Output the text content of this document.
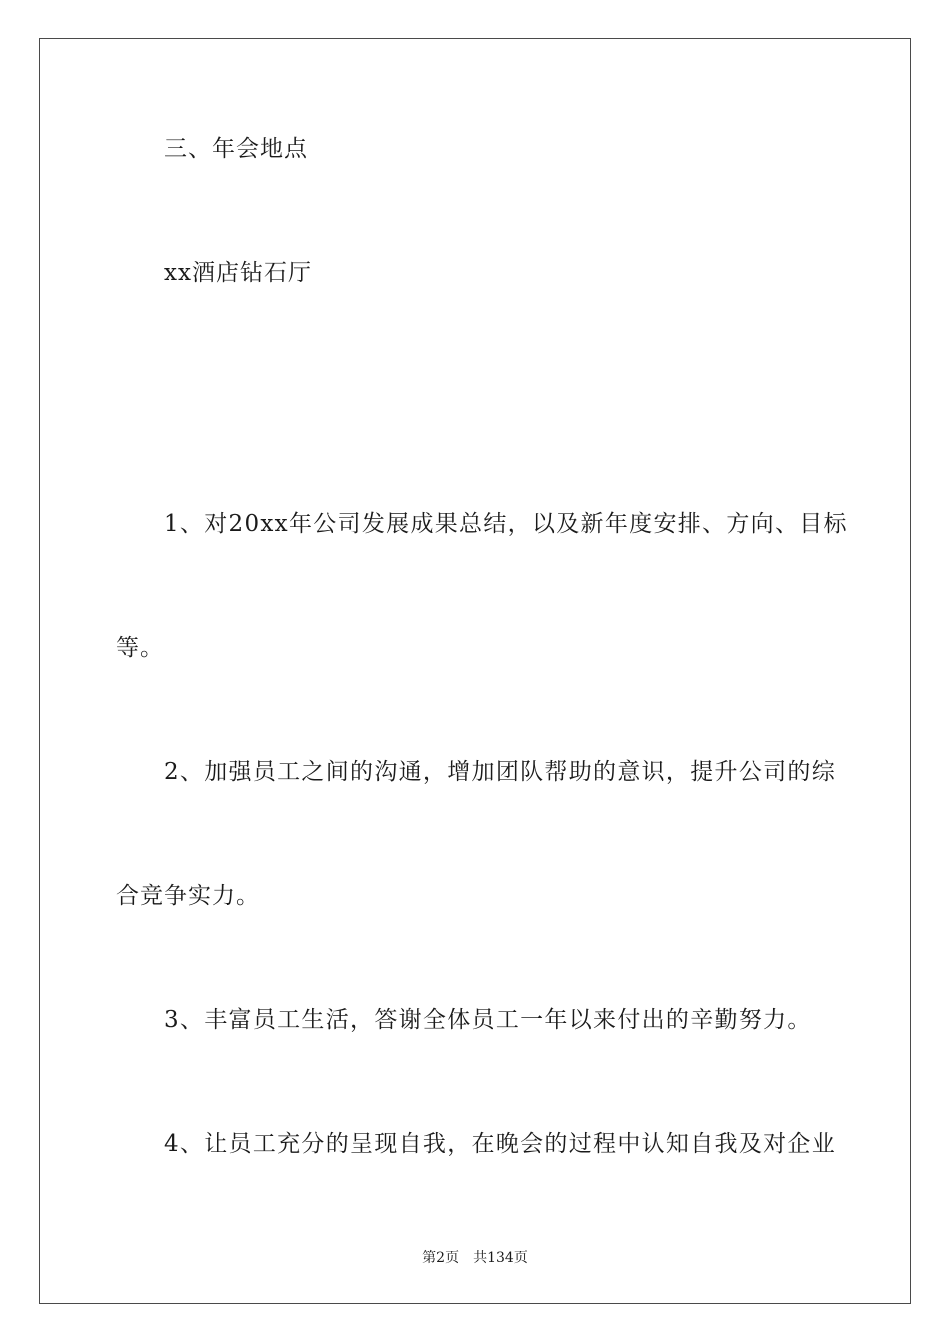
三、年会地点
xx酒店钻石厅
1、对20xx年公司发展成果总结，以及新年度安排、方向、目标
等。
2、加强员工之间的沟通，增加团队帮助的意识，提升公司的综
合竞争实力。
3、丰富员工生活，答谢全体员工一年以来付出的辛勤努力。
4、让员工充分的呈现自我，在晚会的过程中认知自我及对企业
第2页 共134页
